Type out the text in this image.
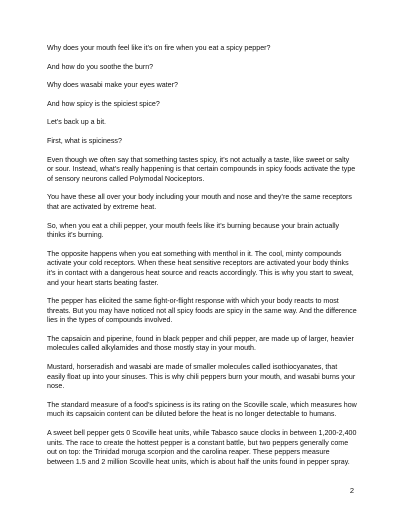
Why does your mouth feel like it’s on fire when you eat a spicy pepper?

And how do you soothe the burn?

Why does wasabi make your eyes water?

And how spicy is the spiciest spice?

Let’s back up a bit.

First, what is spiciness?

Even though we often say that something tastes spicy, it’s not actually a taste, like sweet or salty or sour. Instead, what’s really happening is that certain compounds in spicy foods activate the type of sensory neurons called Polymodal Nociceptors.

You have these all over your body including your mouth and nose and they’re the same receptors that are activated by extreme heat.

So, when you eat a chili pepper, your mouth feels like it’s burning because your brain actually thinks it’s burning.

The opposite happens when you eat something with menthol in it. The cool, minty compounds activate your cold receptors. When these heat sensitive receptors are activated your body thinks it’s in contact with a dangerous heat source and reacts accordingly. This is why you start to sweat, and your heart starts beating faster.

The pepper has elicited the same fight-or-flight response with which your body reacts to most threats. But you may have noticed not all spicy foods are spicy in the same way. And the difference lies in the types of compounds involved.

The capsaicin and piperine, found in black pepper and chili pepper, are made up of larger, heavier molecules called alkylamides and those mostly stay in your mouth.

Mustard, horseradish and wasabi are made of smaller molecules called isothiocyanates, that easily float up into your sinuses. This is why chili peppers burn your mouth, and wasabi burns your nose.

The standard measure of a food’s spiciness is its rating on the Scoville scale, which measures how much its capsaicin content can be diluted before the heat is no longer detectable to humans.

A sweet bell pepper gets 0 Scoville heat units, while Tabasco sauce clocks in between 1,200-2,400 units. The race to create the hottest pepper is a constant battle, but two peppers generally come out on top: the Trinidad moruga scorpion and the carolina reaper. These peppers measure between 1.5 and 2 million Scoville heat units, which is about half the units found in pepper spray.

2
